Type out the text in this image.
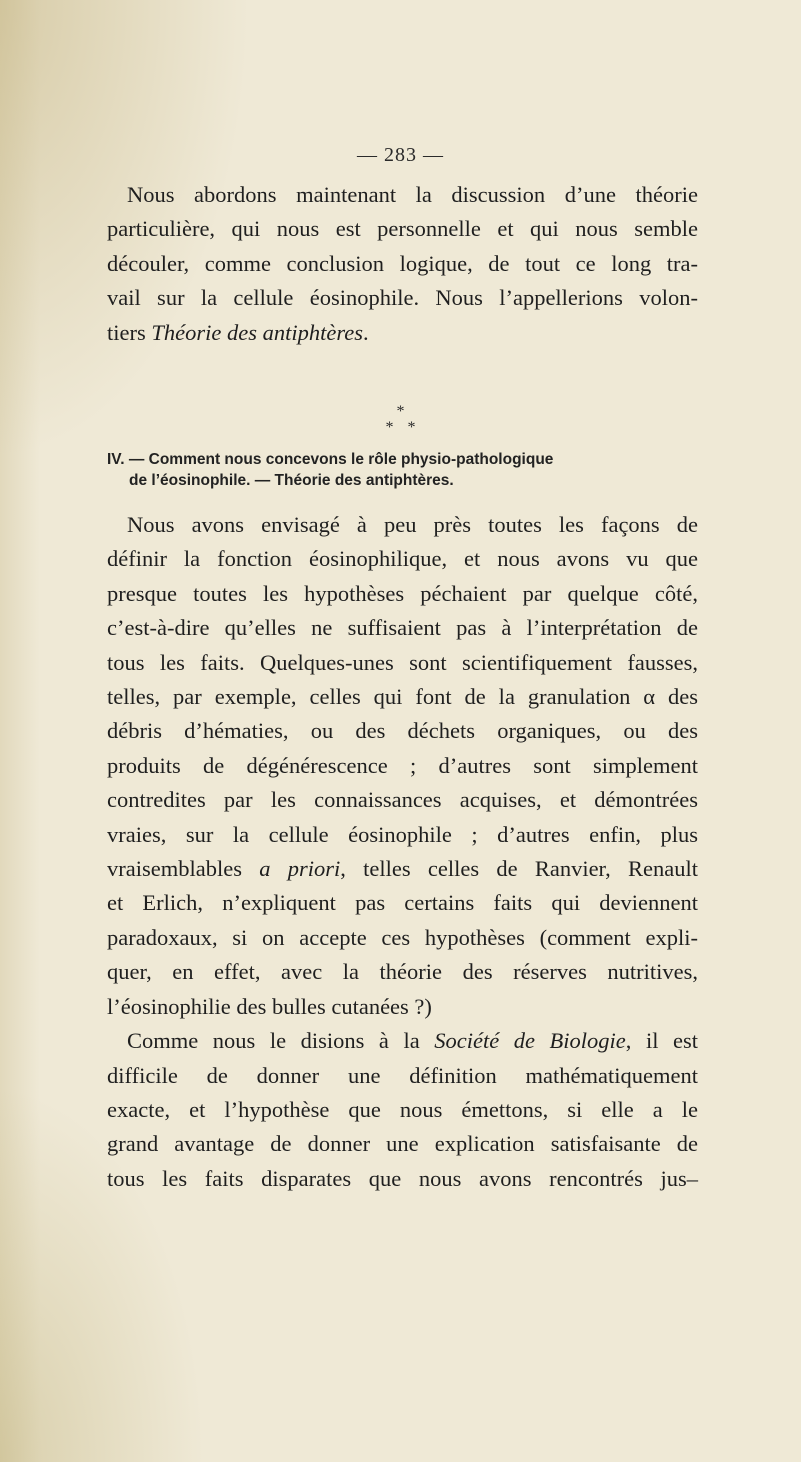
— 283 —
Nous abordons maintenant la discussion d’une théorie
particulière, qui nous est personnelle et qui nous semble
découler, comme conclusion logique, de tout ce long tra-
vail sur la cellule éosinophile. Nous l’appellerions volon-
tiers Théorie des antiphtères.
*
**
IV. — Comment nous concevons le rôle physio-pathologique
de l’éosinophile. — Théorie des antiphtères.
Nous avons envisagé à peu près toutes les façons de
définir la fonction éosinophilique, et nous avons vu que
presque toutes les hypothèses péchaient par quelque côté,
c’est-à-dire qu’elles ne suffisaient pas à l’interprétation de
tous les faits. Quelques-unes sont scientifiquement fausses,
telles, par exemple, celles qui font de la granulation α des
débris d’hématies, ou des déchets organiques, ou des
produits de dégénérescence ; d’autres sont simplement
contredites par les connaissances acquises, et démontrées
vraies, sur la cellule éosinophile ; d’autres enfin, plus
vraisemblables a priori, telles celles de Ranvier, Renault
et Erlich, n’expliquent pas certains faits qui deviennent
paradoxaux, si on accepte ces hypothèses (comment expli-
quer, en effet, avec la théorie des réserves nutritives,
l’éosinophilie des bulles cutanées ?)
Comme nous le disions à la Société de Biologie, il est
difficile de donner une définition mathématiquement
exacte, et l’hypothèse que nous émettons, si elle a le
grand avantage de donner une explication satisfaisante de
tous les faits disparates que nous avons rencontrés jus–
